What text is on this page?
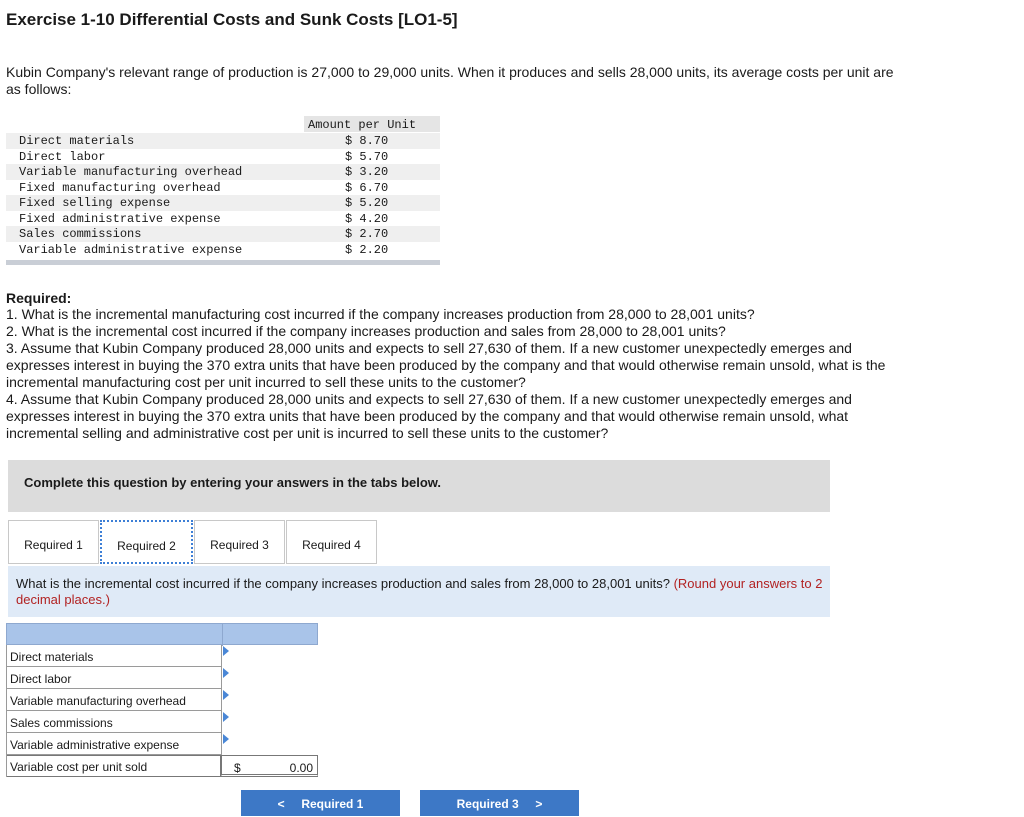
Exercise 1-10 Differential Costs and Sunk Costs [LO1-5]
Kubin Company's relevant range of production is 27,000 to 29,000 units. When it produces and sells 28,000 units, its average costs per unit are as follows:
Amount per Unit
Direct materials	$ 8.70
Direct labor	$ 5.70
Variable manufacturing overhead	$ 3.20
Fixed manufacturing overhead	$ 6.70
Fixed selling expense	$ 5.20
Fixed administrative expense	$ 4.20
Sales commissions	$ 2.70
Variable administrative expense	$ 2.20
Required:

1. What is the incremental manufacturing cost incurred if the company increases production from 28,000 to 28,001 units?

2. What is the incremental cost incurred if the company increases production and sales from 28,000 to 28,001 units?

3. Assume that Kubin Company produced 28,000 units and expects to sell 27,630 of them. If a new customer unexpectedly emerges and expresses interest in buying the 370 extra units that have been produced by the company and that would otherwise remain unsold, what is the incremental manufacturing cost per unit incurred to sell these units to the customer?

4. Assume that Kubin Company produced 28,000 units and expects to sell 27,630 of them. If a new customer unexpectedly emerges and expresses interest in buying the 370 extra units that have been produced by the company and that would otherwise remain unsold, what incremental selling and administrative cost per unit is incurred to sell these units to the customer?

Complete this question by entering your answers in the tabs below.
Required 1	Required 2	Required 3	Required 4
What is the incremental cost incurred if the company increases production and sales from 28,000 to 28,001 units? (Round your answers to 2 decimal places.)
Direct materials
Direct labor
Variable manufacturing overhead
Sales commissions
Variable administrative expense
Variable cost per unit sold	$	0.00
< Required 1	Required 3 >
